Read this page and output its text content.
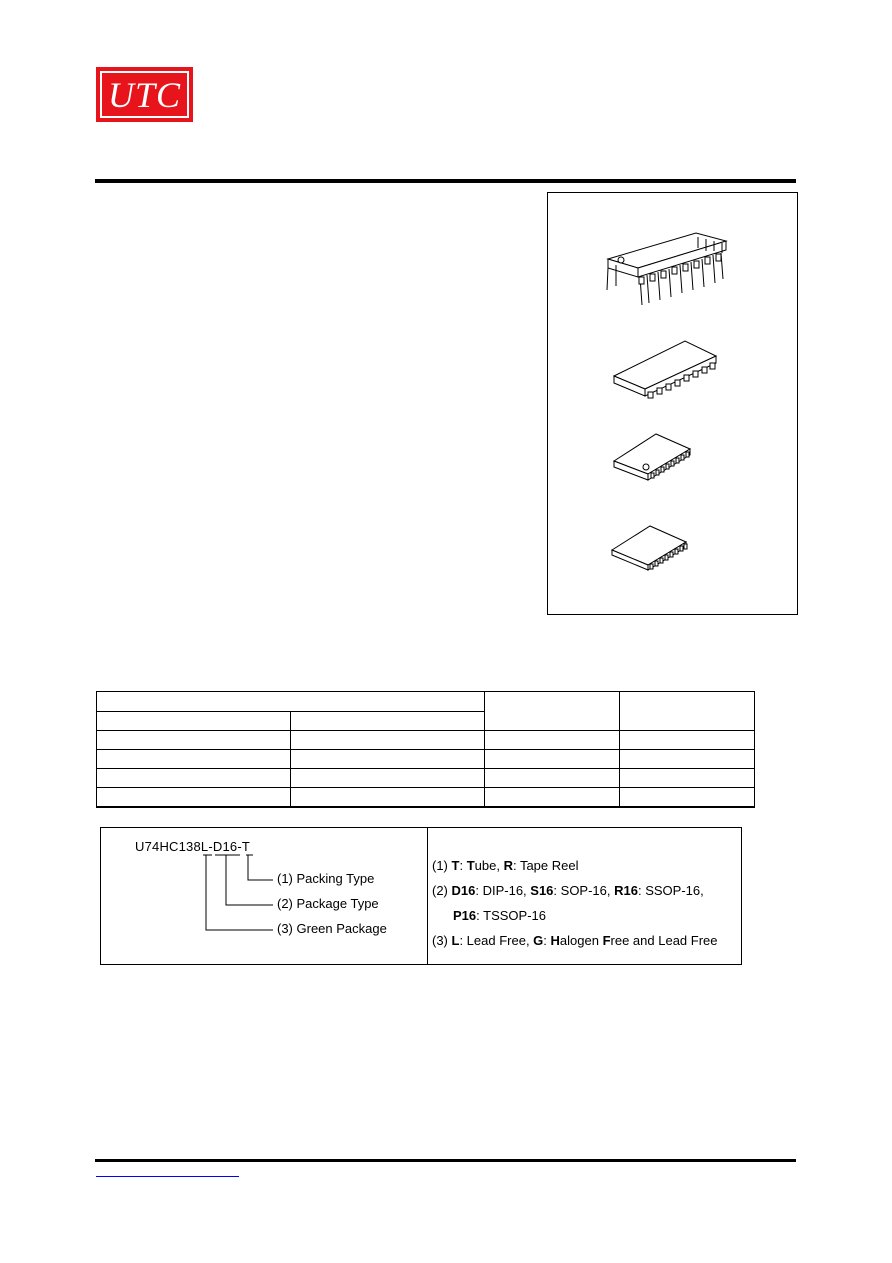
UTC

U74HC138L-D16-T
(1) Packing Type
(2) Package Type
(3) Green Package
(1) T: Tube, R: Tape Reel
(2) D16: DIP-16, S16: SOP-16, R16: SSOP-16,
P16: TSSOP-16
(3) L: Lead Free, G: Halogen Free and Lead Free
